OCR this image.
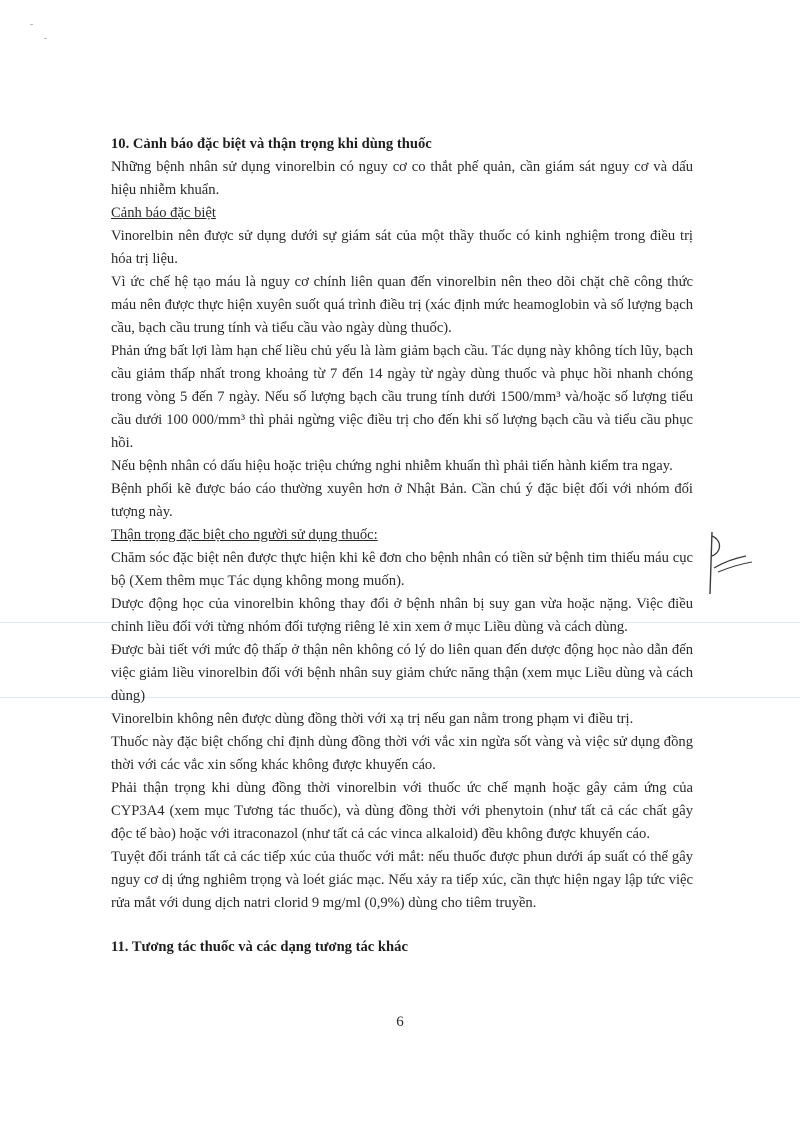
10. Cảnh báo đặc biệt và thận trọng khi dùng thuốc

Những bệnh nhân sử dụng vinorelbin có nguy cơ co thắt phế quản, cần giám sát nguy cơ và dấu hiệu nhiễm khuẩn.

Cảnh báo đặc biệt

Vinorelbin nên được sử dụng dưới sự giám sát của một thầy thuốc có kinh nghiệm trong điều trị hóa trị liệu.

Vì ức chế hệ tạo máu là nguy cơ chính liên quan đến vinorelbin nên theo dõi chặt chẽ công thức máu nên được thực hiện xuyên suốt quá trình điều trị (xác định mức heamoglobin và số lượng bạch cầu, bạch cầu trung tính và tiểu cầu vào ngày dùng thuốc).

Phản ứng bất lợi làm hạn chế liều chủ yếu là làm giảm bạch cầu. Tác dụng này không tích lũy, bạch cầu giảm thấp nhất trong khoảng từ 7 đến 14 ngày từ ngày dùng thuốc và phục hồi nhanh chóng trong vòng 5 đến 7 ngày. Nếu số lượng bạch cầu trung tính dưới 1500/mm³ và/hoặc số lượng tiểu cầu dưới 100 000/mm³ thì phải ngừng việc điều trị cho đến khi số lượng bạch cầu và tiểu cầu phục hồi.

Nếu bệnh nhân có dấu hiệu hoặc triệu chứng nghi nhiễm khuẩn thì phải tiến hành kiểm tra ngay.

Bệnh phổi kẽ được báo cáo thường xuyên hơn ở Nhật Bản. Cần chú ý đặc biệt đối với nhóm đối tượng này.

Thận trọng đặc biệt cho người sử dụng thuốc:

Chăm sóc đặc biệt nên được thực hiện khi kê đơn cho bệnh nhân có tiền sử bệnh tim thiếu máu cục bộ (Xem thêm mục Tác dụng không mong muốn).

Dược động học của vinorelbin không thay đổi ở bệnh nhân bị suy gan vừa hoặc nặng. Việc điều chỉnh liều đối với từng nhóm đối tượng riêng lẻ xin xem ở mục Liều dùng và cách dùng.

Được bài tiết với mức độ thấp ở thận nên không có lý do liên quan đến dược động học nào dẫn đến việc giảm liều vinorelbin đối với bệnh nhân suy giảm chức năng thận (xem mục Liều dùng và cách dùng)

Vinorelbin không nên được dùng đồng thời với xạ trị nếu gan nằm trong phạm vi điều trị.

Thuốc này đặc biệt chống chỉ định dùng đồng thời với vắc xin ngừa sốt vàng và việc sử dụng đồng thời với các vắc xin sống khác không được khuyến cáo.

Phải thận trọng khi dùng đồng thời vinorelbin với thuốc ức chế mạnh hoặc gây cảm ứng của CYP3A4 (xem mục Tương tác thuốc), và dùng đồng thời với phenytoin (như tất cả các chất gây độc tế bào) hoặc với itraconazol (như tất cả các vinca alkaloid) đều không được khuyến cáo.

Tuyệt đối tránh tất cả các tiếp xúc của thuốc với mắt: nếu thuốc được phun dưới áp suất có thể gây nguy cơ dị ứng nghiêm trọng và loét giác mạc. Nếu xảy ra tiếp xúc, cần thực hiện ngay lập tức việc rửa mắt với dung dịch natri clorid 9 mg/ml (0,9%) dùng cho tiêm truyền.

11. Tương tác thuốc và các dạng tương tác khác

6
